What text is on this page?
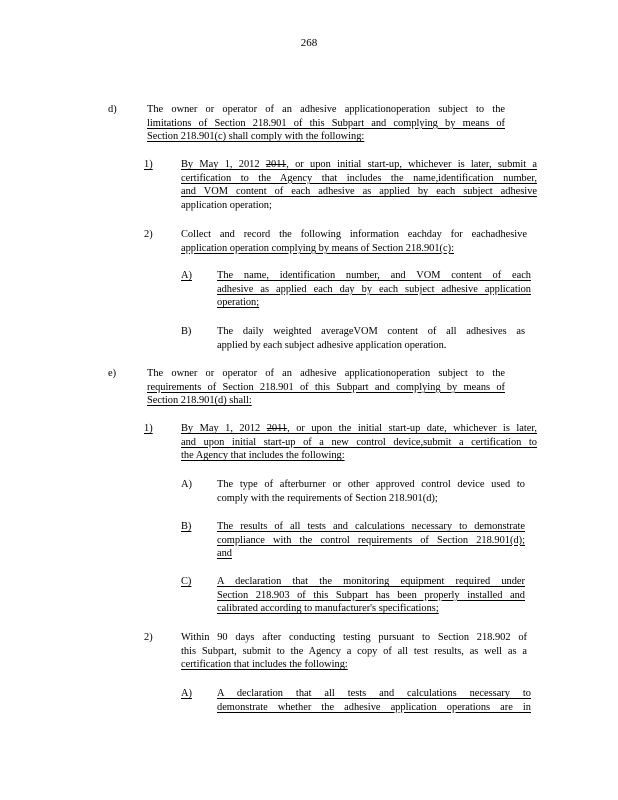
268
d)	The owner or operator of an adhesive applicationoperation subject to the
limitations of Section 218.901 of this Subpart and complying by means of
Section 218.901(c) shall comply with the following:
1)	By May 1, 2012 2011, or upon initial start-up, whichever is later, submit a
certification to the Agency that includes the name,identification number,
and VOM content of each adhesive as applied by each subject adhesive
application operation;
2)	Collect and record the following information eachday for eachadhesive
application operation complying by means of Section 218.901(c):
A) The name, identification number, and VOM content of each
adhesive as applied each day by each subject adhesive application
operation;
B) The daily weighted averageVOM content of all adhesives as
applied by each subject adhesive application operation.
e)	The owner or operator of an adhesive applicationoperation subject to the
requirements of Section 218.901 of this Subpart and complying by means of
Section 218.901(d) shall:
1)	By May 1, 2012 2011, or upon the initial start-up date, whichever is later,
and upon initial start-up of a new control device,submit a certification to
the Agency that includes the following:
A) The type of afterburner or other approved control device used to
comply with the requirements of Section 218.901(d);
B) The results of all tests and calculations necessary to demonstrate
compliance with the control requirements of Section 218.901(d);
and
C) A declaration that the monitoring equipment required under
Section 218.903 of this Subpart has been properly installed and
calibrated according to manufacturer's specifications;
2)	Within 90 days after conducting testing pursuant to Section 218.902 of
this Subpart, submit to the Agency a copy of all test results, as well as a
certification that includes the following:
A) A declaration that all tests and calculations necessary to
demonstrate whether the adhesive application operations are in
